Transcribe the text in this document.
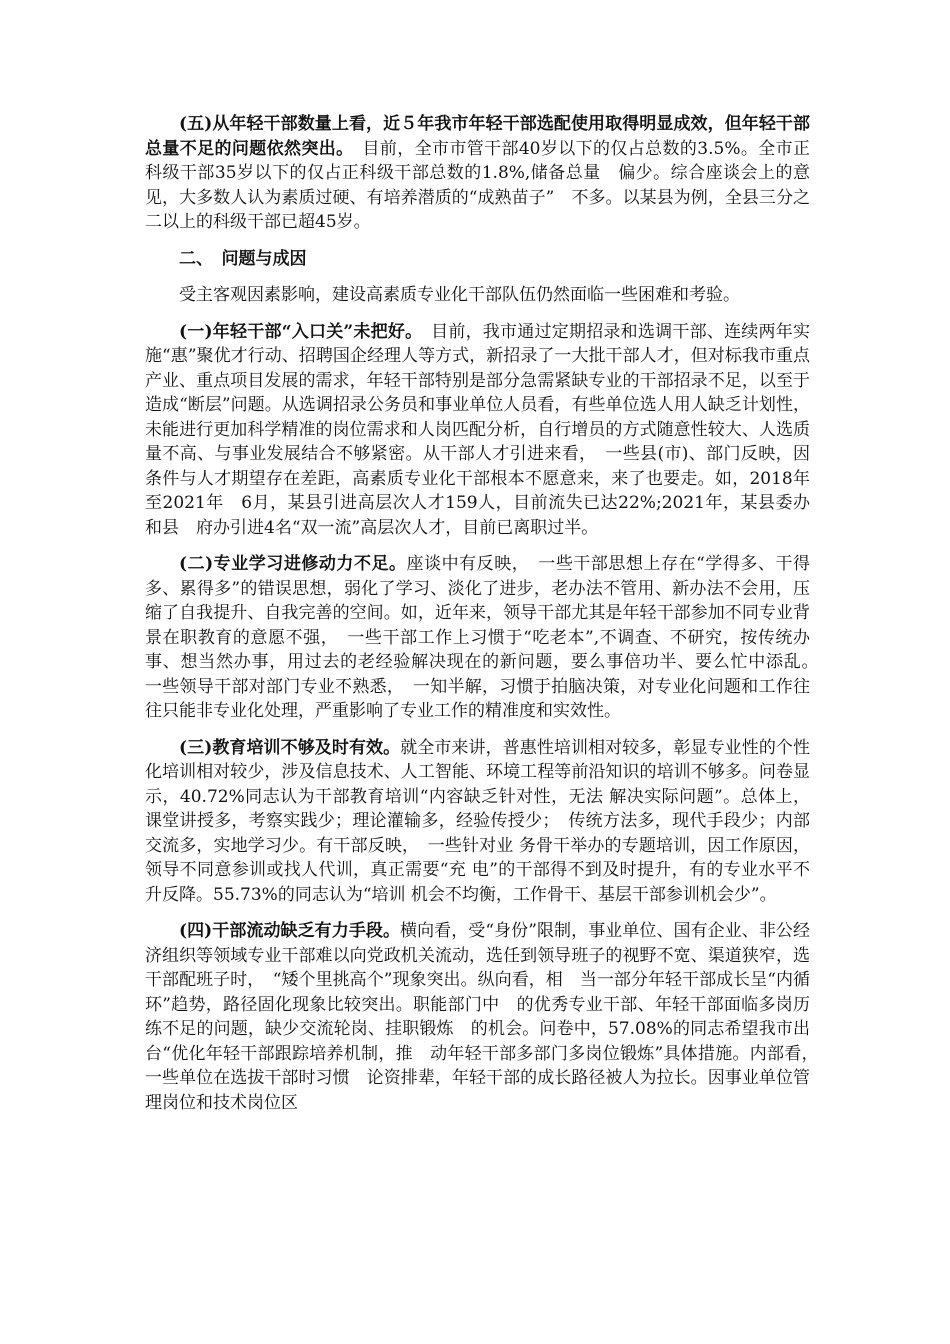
(五)从年轻干部数量上看，近５年我市年轻干部选配使用取得明显成效，但年轻干部总量不足的问题依然突出。　目前，全市市管干部40岁以下的仅占总数的3.5%。全市正科级干部35岁以下的仅占正科级干部总数的1.8%,储备总量　偏少。综合座谈会上的意见，大多数人认为素质过硬、有培养潜质的“成熟苗子”　不多。以某县为例，全县三分之二以上的科级干部已超45岁。

二、　问题与成因

受主客观因素影响，建设高素质专业化干部队伍仍然面临一些困难和考验。

(一)年轻干部“入口关”未把好。　目前，我市通过定期招录和选调干部、连续两年实施“惠”聚优才行动、招聘国企经理人等方式，新招录了一大批干部人才，但对标我市重点产业、重点项目发展的需求，年轻干部特别是部分急需紧缺专业的干部招录不足，以至于造成“断层”问题。从选调招录公务员和事业单位人员看，有些单位选人用人缺乏计划性，未能进行更加科学精准的岗位需求和人岗匹配分析，自行增员的方式随意性较大、人选质量不高、与事业发展结合不够紧密。从干部人才引进来看，　一些县(市)、部门反映，因条件与人才期望存在差距，高素质专业化干部根本不愿意来，来了也要走。如，2018年至2021年　6月，某县引进高层次人才159人，目前流失已达22%;2021年，某县委办和县　府办引进4名“双一流”高层次人才，目前已离职过半。

(二)专业学习进修动力不足。座谈中有反映，　一些干部思想上存在“学得多、干得多、累得多”的错误思想，弱化了学习、淡化了进步，老办法不管用、新办法不会用，压缩了自我提升、自我完善的空间。如，近年来，领导干部尤其是年轻干部参加不同专业背景在职教育的意愿不强，　一些干部工作上习惯于“吃老本”,不调查、不研究，按传统办事、想当然办事，用过去的老经验解决现在的新问题，要么事倍功半、要么忙中添乱。　一些领导干部对部门专业不熟悉，　一知半解，习惯于拍脑决策，对专业化问题和工作往往只能非专业化处理，严重影响了专业工作的精准度和实效性。

(三)教育培训不够及时有效。就全市来讲，普惠性培训相对较多，彰显专业性的个性化培训相对较少，涉及信息技术、人工智能、环境工程等前沿知识的培训不够多。问卷显示，40.72%同志认为干部教育培训“内容缺乏针对性，无法 解决实际问题”。总体上，课堂讲授多，考察实践少；理论灌输多，经验传授少；　传统方法多，现代手段少；内部交流多，实地学习少。有干部反映，　一些针对业 务骨干举办的专题培训，因工作原因，领导不同意参训或找人代训，真正需要“充 电”的干部得不到及时提升，有的专业水平不升反降。55.73%的同志认为“培训 机会不均衡，工作骨干、基层干部参训机会少”。

(四)干部流动缺乏有力手段。横向看，受“身份”限制，事业单位、国有企业、非公经济组织等领域专业干部难以向党政机关流动，选任到领导班子的视野不宽、渠道狭窄，选干部配班子时，　“矮个里挑高个”现象突出。纵向看，相　当一部分年轻干部成长呈“内循环”趋势，路径固化现象比较突出。职能部门中　的优秀专业干部、年轻干部面临多岗历练不足的问题，缺少交流轮岗、挂职锻炼　的机会。问卷中，57.08%的同志希望我市出台“优化年轻干部跟踪培养机制，推　动年轻干部多部门多岗位锻炼”具体措施。内部看，　一些单位在选拔干部时习惯　论资排辈，年轻干部的成长路径被人为拉长。因事业单位管理岗位和技术岗位区
